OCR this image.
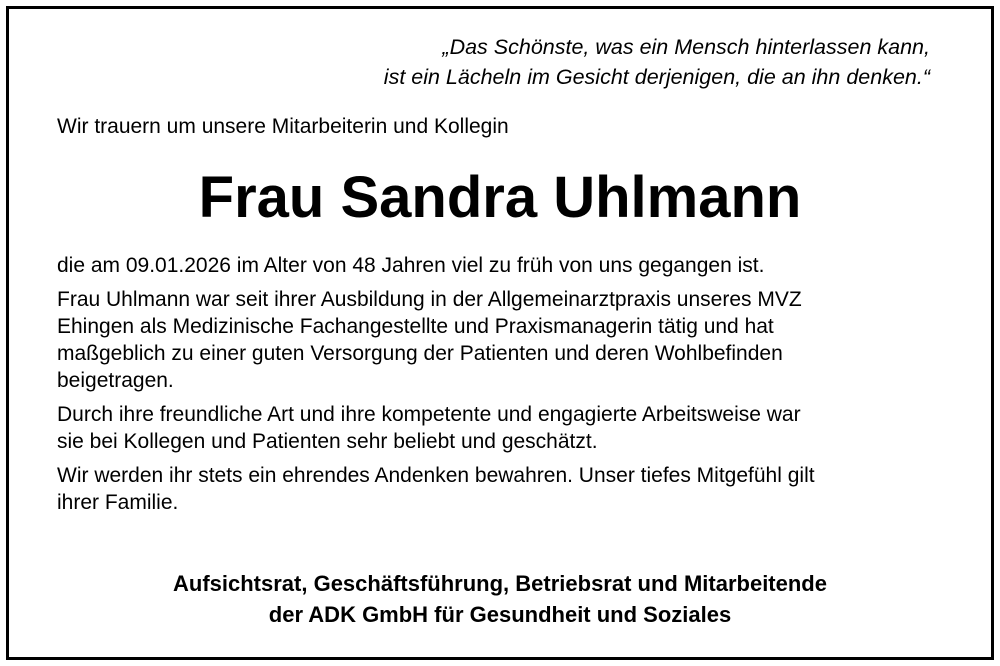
„Das Schönste, was ein Mensch hinterlassen kann,
ist ein Lächeln im Gesicht derjenigen, die an ihn denken.“
Wir trauern um unsere Mitarbeiterin und Kollegin
Frau Sandra Uhlmann

die am 09.01.2026 im Alter von 48 Jahren viel zu früh von uns gegangen ist.

Frau Uhlmann war seit ihrer Ausbildung in der Allgemeinarztpraxis unseres MVZ
Ehingen als Medizinische Fachangestellte und Praxismanagerin tätig und hat
maßgeblich zu einer guten Versorgung der Patienten und deren Wohlbefinden
beigetragen.

Durch ihre freundliche Art und ihre kompetente und engagierte Arbeitsweise war
sie bei Kollegen und Patienten sehr beliebt und geschätzt.

Wir werden ihr stets ein ehrendes Andenken bewahren. Unser tiefes Mitgefühl gilt
ihrer Familie.

Aufsichtsrat, Geschäftsführung, Betriebsrat und Mitarbeitende
der ADK GmbH für Gesundheit und Soziales
